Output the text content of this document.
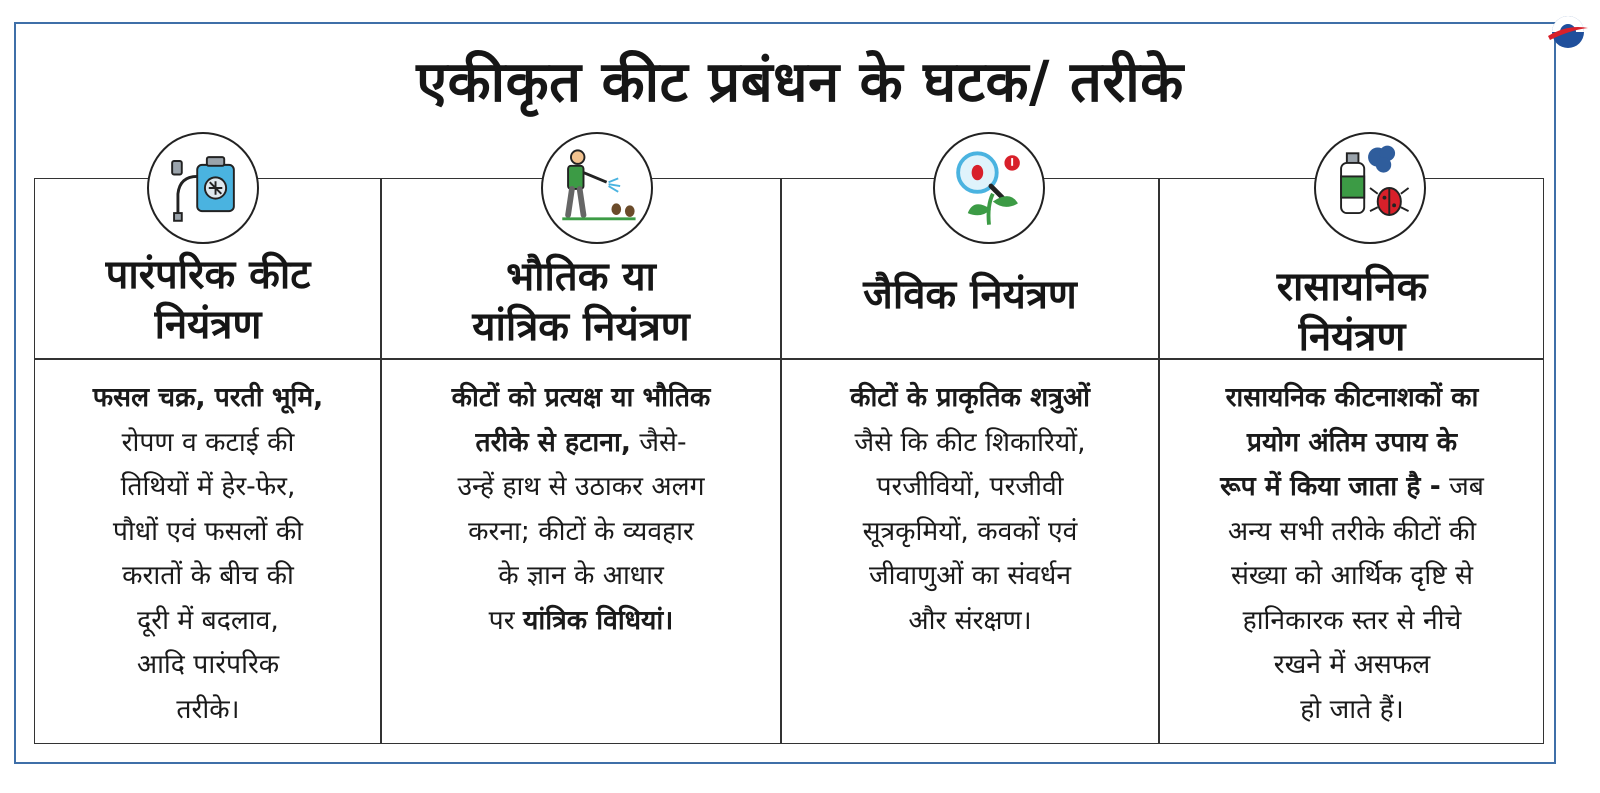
एकीकृत कीट प्रबंधन के घटक/ तरीके
पारंपरिक कीट
नियंत्रण
भौतिक या
यांत्रिक नियंत्रण
जैविक नियंत्रण	रासायनिक
नियंत्रण
फसल चक्र, परती भूमि,
रोपण व कटाई की
तिथियों में हेर-फेर,
पौधों एवं फसलों की
करातों के बीच की
दूरी में बदलाव,
आदि पारंपरिक
तरीके।
कीटों को प्रत्यक्ष या भौतिक
तरीके से हटाना, जैसे-
उन्हें हाथ से उठाकर अलग
करना; कीटों के व्यवहार
के ज्ञान के आधार
पर यांत्रिक विधियां।
कीटों के प्राकृतिक शत्रुओं
जैसे कि कीट शिकारियों,
परजीवियों, परजीवी
सूत्रकृमियों, कवकों एवं
जीवाणुओं का संवर्धन
और संरक्षण।
रासायनिक कीटनाशकों का
प्रयोग अंतिम उपाय के
रूप में किया जाता है - जब
अन्य सभी तरीके कीटों की
संख्या को आर्थिक दृष्टि से
हानिकारक स्तर से नीचे
रखने में असफल
हो जाते हैं।
